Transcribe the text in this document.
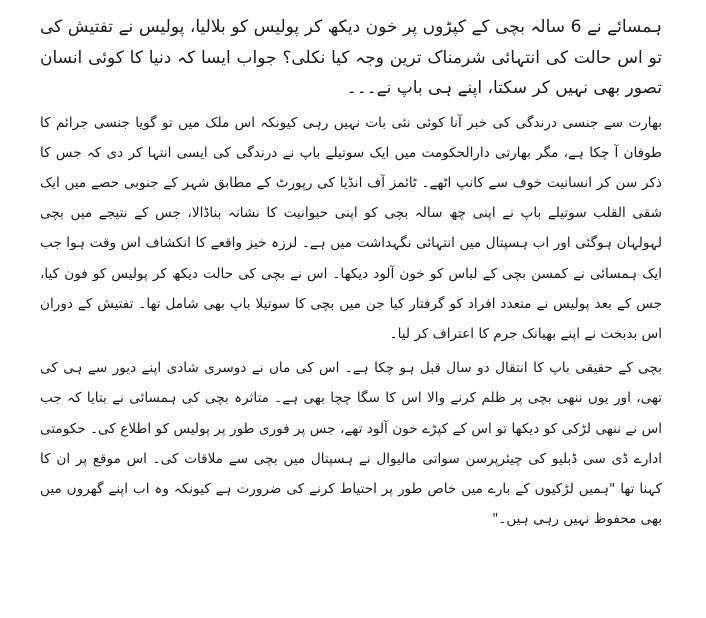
ہمسائے نے 6 سالہ بچی کے کپڑوں پر خون دیکھ کر پولیس کو بلالیا، پولیس نے تفتیش کی تو اس حالت کی انتہائی شرمناک ترین وجہ کیا نکلی؟ جواب ایسا کہ دنیا کا کوئی انسان تصور بھی نہیں کر سکتا، اپنے ہی باپ نے۔۔۔

بھارت سے جنسی درندگی کی خبر آنا کوئی نئی بات نہیں رہی کیونکہ اس ملک میں تو گویا جنسی جرائم کا طوفان آ چکا ہے، مگر بھارتی دارالحکومت میں ایک سوتیلے باپ نے درندگی کی ایسی انتہا کر دی کہ جس کا ذکر سن کر انسانیت خوف سے کانپ اٹھے۔ ٹائمز آف انڈیا کی رپورٹ کے مطابق شہر کے جنوبی حصے میں ایک شقی القلب سوتیلے باپ نے اپنی چھ سالہ بچی کو اپنی حیوانیت کا نشانہ بناڈالا، جس کے نتیجے میں بچی لہولہان ہوگئی اور اب ہسپتال میں انتہائی نگہداشت میں ہے۔ لرزہ خیز واقعے کا انکشاف اس وقت ہوا جب ایک ہمسائی نے کمسن بچی کے لباس کو خون آلود دیکھا۔ اس نے بچی کی حالت دیکھ کر پولیس کو فون کیا، جس کے بعد پولیس نے متعدد افراد کو گرفتار کیا جن میں بچی کا سوتیلا باپ بھی شامل تھا۔ تفتیش کے دوران اس بدبخت نے اپنے بھیانک جرم کا اعتراف کر لیا۔

بچی کے حقیقی باپ کا انتقال دو سال قبل ہو چکا ہے۔ اس کی ماں نے دوسری شادی اپنے دیور سے ہی کی تھی، اور یوں ننھی بچی پر ظلم کرنے والا اس کا سگا چچا بھی ہے۔ متاثرہ بچی کی ہمسائی نے بتایا کہ جب اس نے ننھی لڑکی کو دیکھا تو اس کے کپڑے خون آلود تھے، جس پر فوری طور پر پولیس کو اطلاع کی۔ حکومتی ادارے ڈی سی ڈبلیو کی چیئرپرسن سواتی مالیوال نے ہسپتال میں بچی سے ملاقات کی۔ اس موقع پر ان کا کہنا تھا "ہمیں لڑکیوں کے بارے میں خاص طور پر احتیاط کرنے کی ضرورت ہے کیونکہ وہ اب اپنے گھروں میں بھی محفوظ نہیں رہی ہیں۔"
